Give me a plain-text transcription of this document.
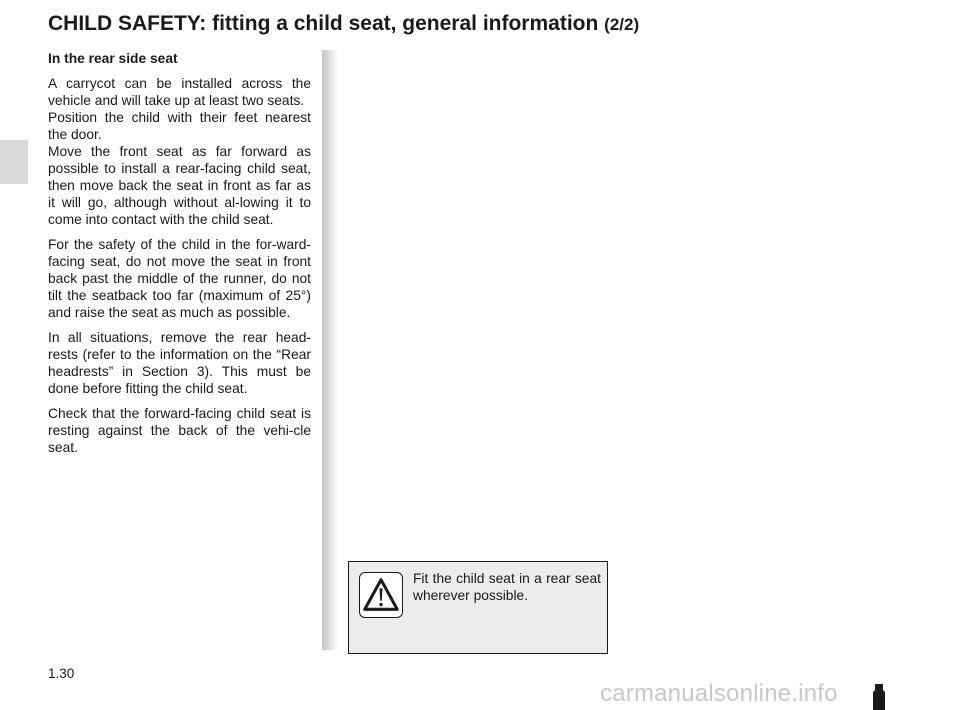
CHILD SAFETY: fitting a child seat, general information (2/2)

In the rear side seat

A carrycot can be installed across the vehicle and will take up at least two seats.

Position the child with their feet nearest the door.

Move the front seat as far forward as possible to install a rear-facing child seat, then move back the seat in front as far as it will go, although without al-lowing it to come into contact with the child seat.

For the safety of the child in the for-ward-facing seat, do not move the seat in front back past the middle of the runner, do not tilt the seatback too far (maximum of 25°) and raise the seat as much as possible.

In all situations, remove the rear head-rests (refer to the information on the “Rear headrests” in Section 3). This must be done before fitting the child seat.

Check that the forward-facing child seat is resting against the back of the vehi-cle seat.

Fit the child seat in a rear seat wherever possible.

1.30
carmanualsonline.info
